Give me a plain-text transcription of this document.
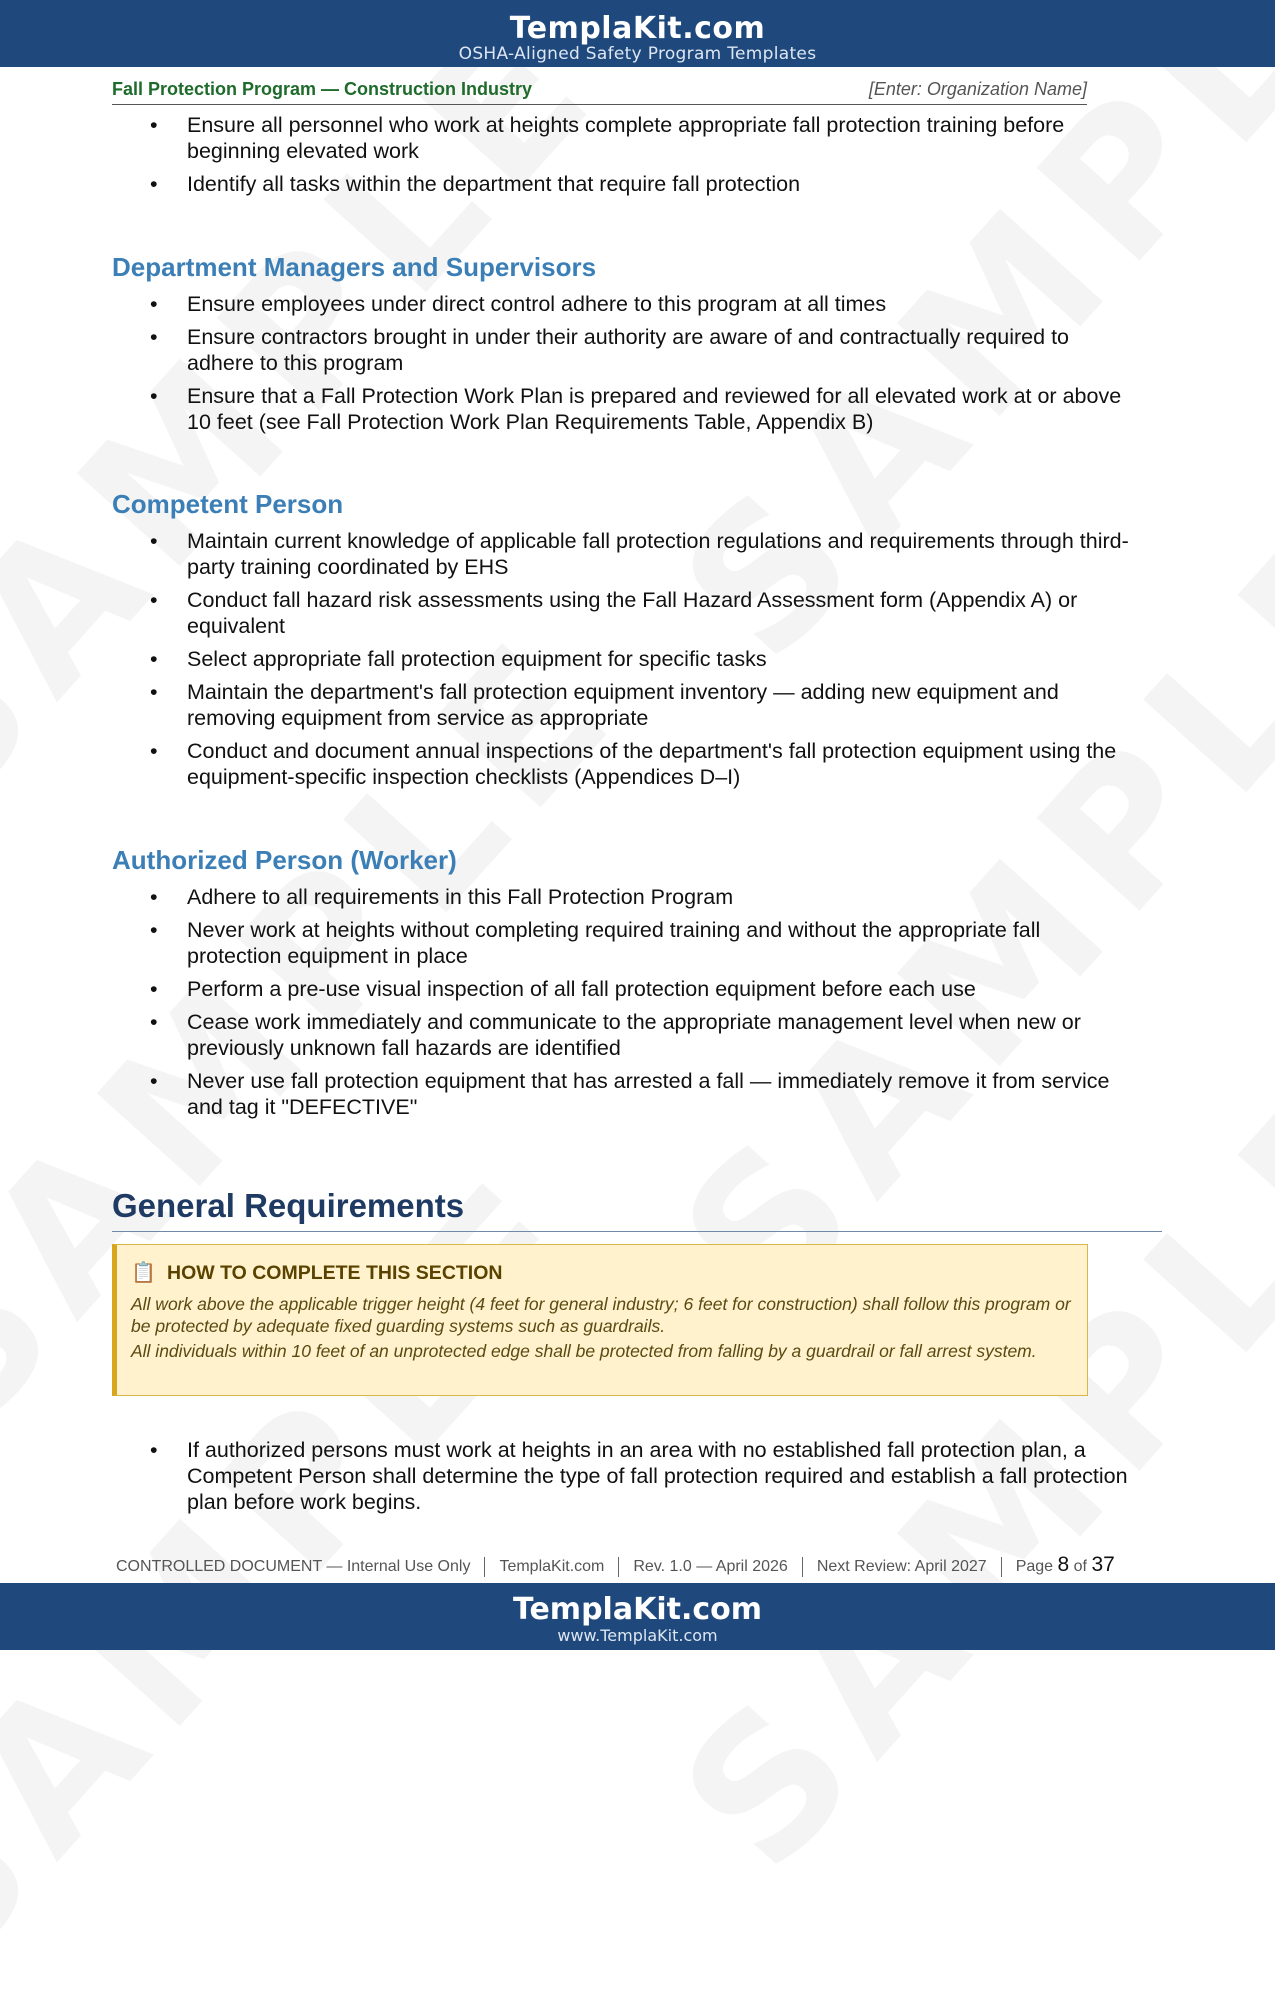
TemplaKit.com
OSHA-Aligned Safety Program Templates
Fall Protection Program — Construction Industry	[Enter: Organization Name]
• Ensure all personnel who work at heights complete appropriate fall protection training before beginning elevated work
• Identify all tasks within the department that require fall protection
Department Managers and Supervisors
• Ensure employees under direct control adhere to this program at all times
• Ensure contractors brought in under their authority are aware of and contractually required to adhere to this program
• Ensure that a Fall Protection Work Plan is prepared and reviewed for all elevated work at or above 10 feet (see Fall Protection Work Plan Requirements Table, Appendix B)
Competent Person
• Maintain current knowledge of applicable fall protection regulations and requirements through third-party training coordinated by EHS
• Conduct fall hazard risk assessments using the Fall Hazard Assessment form (Appendix A) or equivalent
• Select appropriate fall protection equipment for specific tasks
• Maintain the department's fall protection equipment inventory — adding new equipment and removing equipment from service as appropriate
• Conduct and document annual inspections of the department's fall protection equipment using the equipment-specific inspection checklists (Appendices D–I)
Authorized Person (Worker)
• Adhere to all requirements in this Fall Protection Program
• Never work at heights without completing required training and without the appropriate fall protection equipment in place
• Perform a pre-use visual inspection of all fall protection equipment before each use
• Cease work immediately and communicate to the appropriate management level when new or previously unknown fall hazards are identified
• Never use fall protection equipment that has arrested a fall — immediately remove it from service and tag it "DEFECTIVE"
General Requirements
📋 HOW TO COMPLETE THIS SECTION

All work above the applicable trigger height (4 feet for general industry; 6 feet for construction) shall follow this program or be protected by adequate fixed guarding systems such as guardrails.

All individuals within 10 feet of an unprotected edge shall be protected from falling by a guardrail or fall arrest system.

• If authorized persons must work at heights in an area with no established fall protection plan, a Competent Person shall determine the type of fall protection required and establish a fall protection plan before work begins.
CONTROLLED DOCUMENT — Internal Use Only TemplaKit.com Rev. 1.0 — April 2026 Next Review: April 2027 Page 8 of 37
TemplaKit.com
www.TemplaKit.com
